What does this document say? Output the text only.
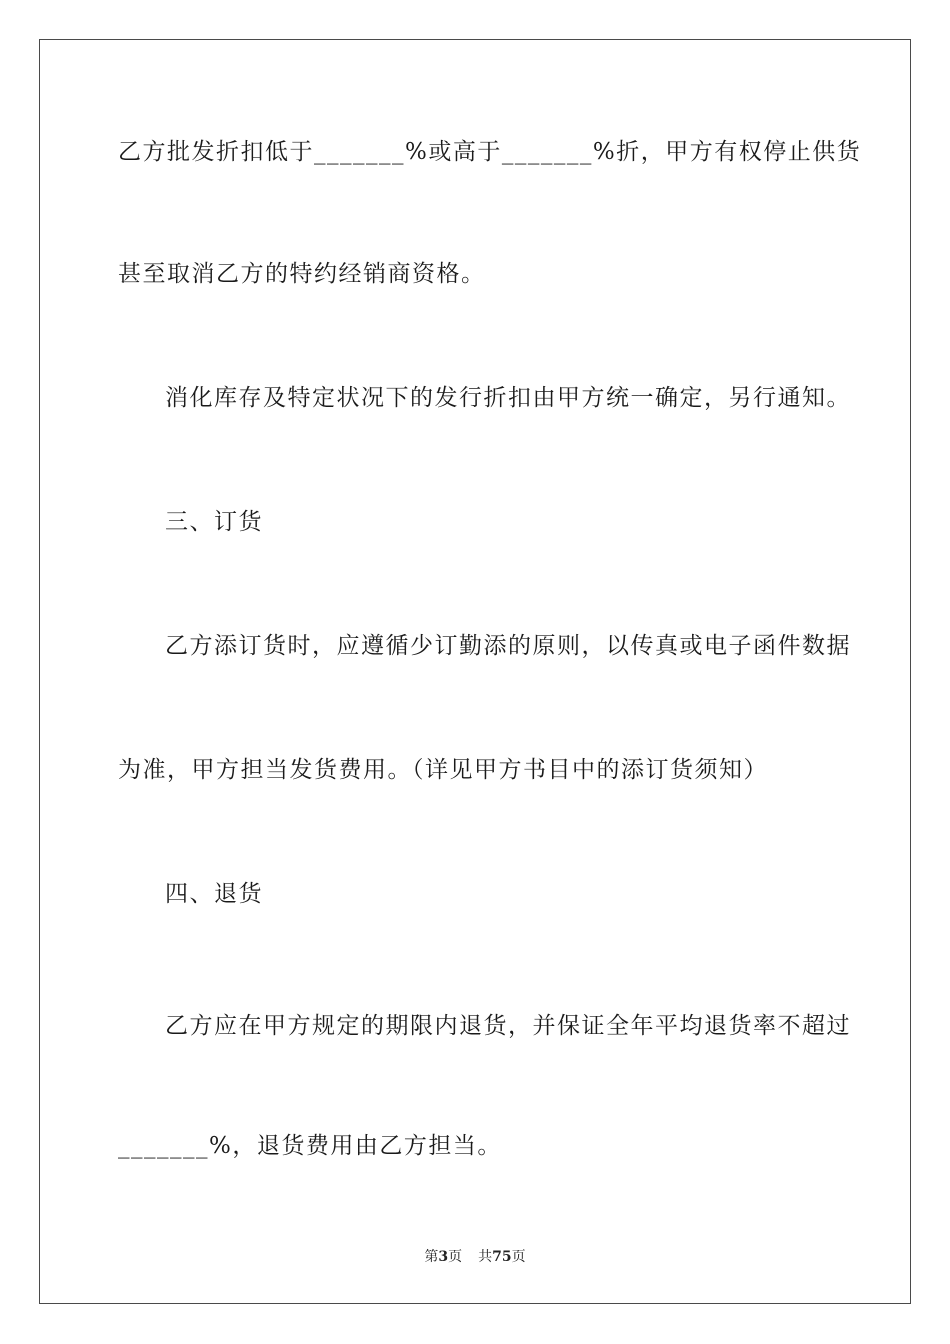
乙方批发折扣低于_______%或高于_______%折，甲方有权停止供货
甚至取消乙方的特约经销商资格。
消化库存及特定状况下的发行折扣由甲方统一确定，另行通知。
三、订货
乙方添订货时，应遵循少订勤添的原则，以传真或电子函件数据
为准，甲方担当发货费用。（详见甲方书目中的添订货须知）
四、退货
乙方应在甲方规定的期限内退货，并保证全年平均退货率不超过
_______%，退货费用由乙方担当。
第3页 共75页
